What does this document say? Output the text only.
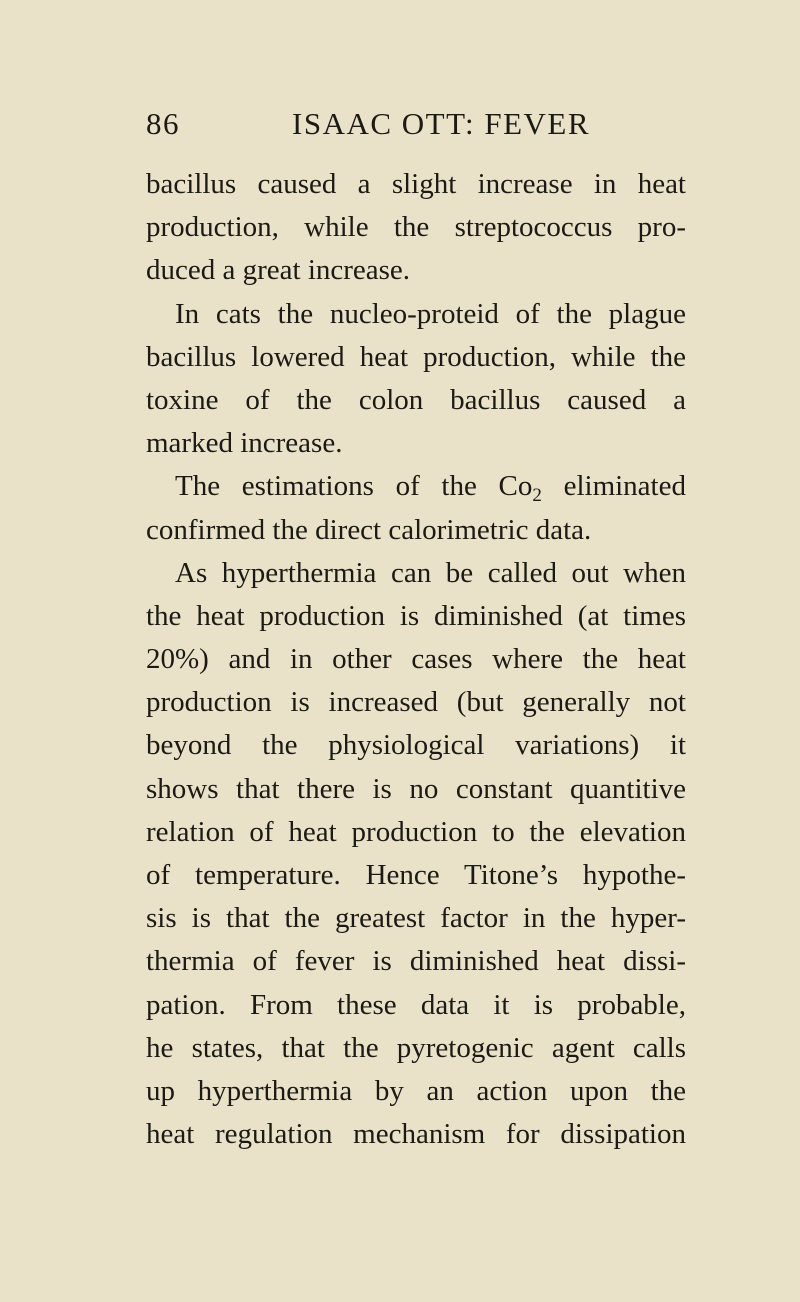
86	ISAAC OTT: FEVER
bacillus caused a slight increase in heat
production, while the streptococcus pro-
duced a great increase.
In cats the nucleo-proteid of the plague
bacillus lowered heat production, while the
toxine of the colon bacillus caused a
marked increase.
The estimations of the $Co_2$ eliminated
confirmed the direct calorimetric data.
As hyperthermia can be called out when
the heat production is diminished (at times
20%) and in other cases where the heat
production is increased (but generally not
beyond the physiological variations) it
shows that there is no constant quantitive
relation of heat production to the elevation
of temperature. Hence Titone’s hypothe-
sis is that the greatest factor in the hyper-
thermia of fever is diminished heat dissi-
pation. From these data it is probable,
he states, that the pyretogenic agent calls
up hyperthermia by an action upon the
heat regulation mechanism for dissipation
